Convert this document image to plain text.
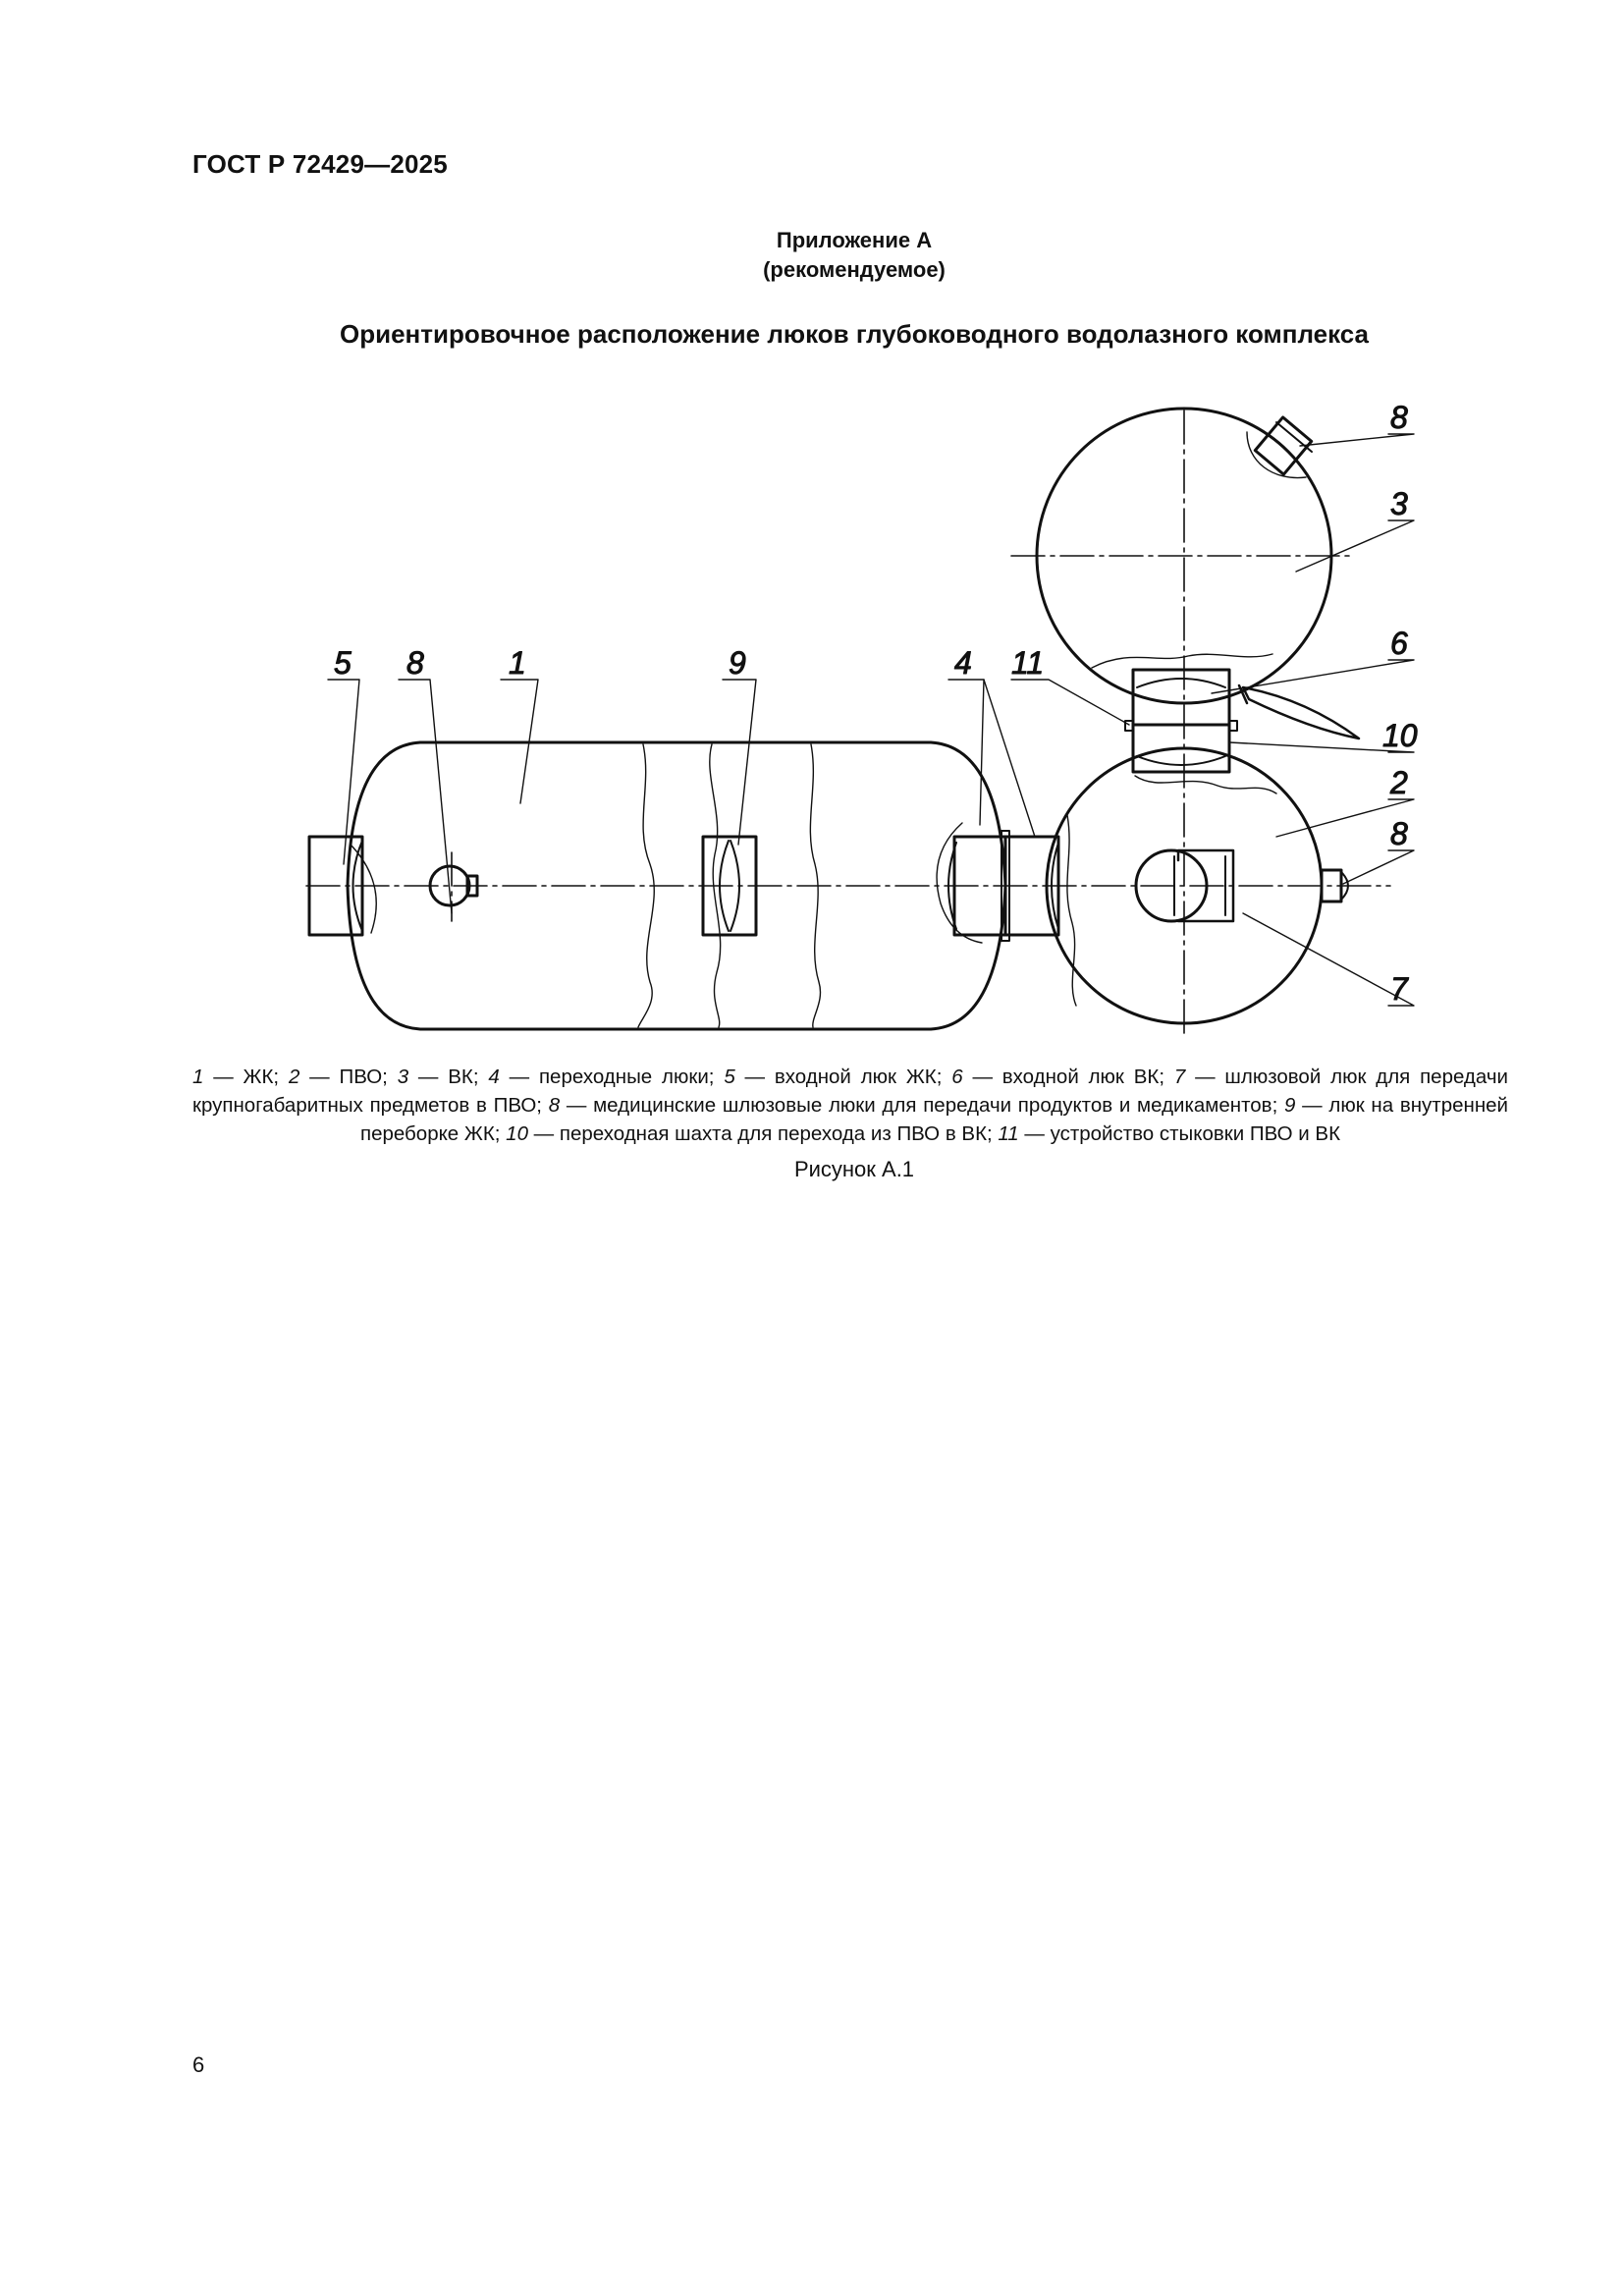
ГОСТ Р 72429—2025
Приложение А
(рекомендуемое)
Ориентировочное расположение люков глубоководного водолазного комплекса
5 8	1	9	4 11
8
3
6
10
2
8
7
1 — ЖК; 2 — ПВО; 3 — ВК; 4 — переходные люки; 5 — входной люк ЖК; 6 — входной люк ВК; 7 — шлюзовой люк для передачи крупногабаритных предметов в ПВО; 8 — медицинские шлюзовые люки для передачи продуктов и медикаментов; 9 — люк на внутренней переборке ЖК; 10 — переходная шахта для перехода из ПВО в ВК; 11 — устройство стыковки ПВО и ВК
Рисунок А.1
6
